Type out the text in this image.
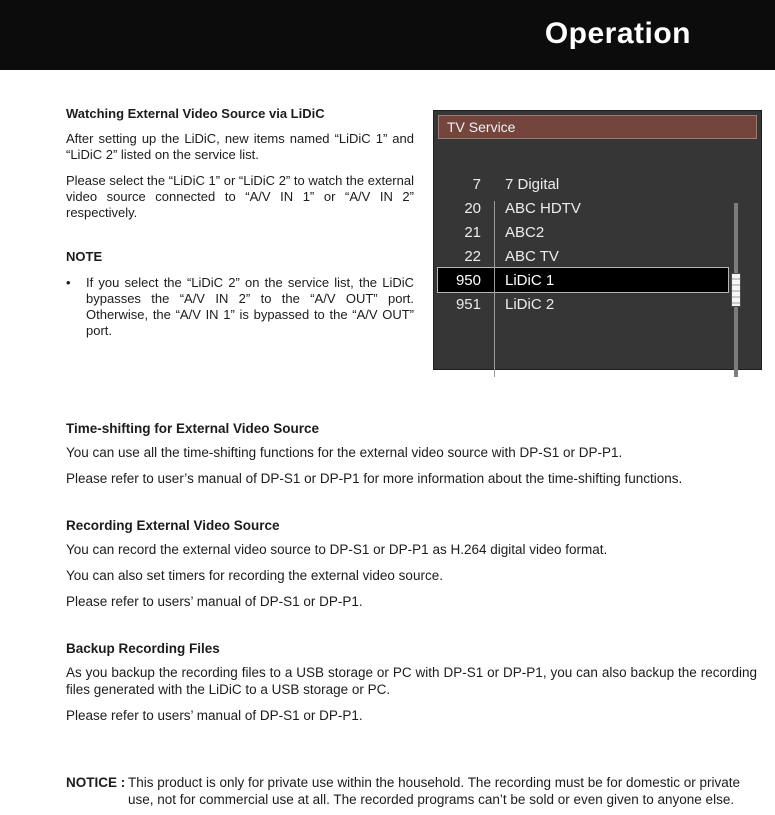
Operation
Watching External Video Source via LiDiC

After setting up the LiDiC, new items named “LiDiC 1” and “LiDiC 2” listed on the service list.

Please select the “LiDiC 1” or “LiDiC 2” to watch the external video source connected to “A/V IN 1” or “A/V IN 2” respectively.

NOTE
•	If you select the “LiDiC 2” on the service list, the LiDiC bypasses the “A/V IN 2” to the “A/V OUT” port. Otherwise, the “A/V IN 1” is bypassed to the “A/V OUT” port.

TV Service
7	7 Digital
20	ABC HDTV
21	ABC2
22	ABC TV
950	LiDiC 1
951	LiDiC 2
Time-shifting for External Video Source

You can use all the time-shifting functions for the external video source with DP-S1 or DP-P1.

Please refer to user’s manual of DP-S1 or DP-P1 for more information about the time-shifting functions.

Recording External Video Source

You can record the external video source to DP-S1 or DP-P1 as H.264 digital video format.

You can also set timers for recording the external video source.

Please refer to users’ manual of DP-S1 or DP-P1.

Backup Recording Files

As you backup the recording files to a USB storage or PC with DP-S1 or DP-P1, you can also backup the recording files generated with the LiDiC to a USB storage or PC.

Please refer to users’ manual of DP-S1 or DP-P1.

NOTICE : This product is only for private use within the household. The recording must be for domestic or private use, not for commercial use at all. The recorded programs can’t be sold or even given to anyone else.
